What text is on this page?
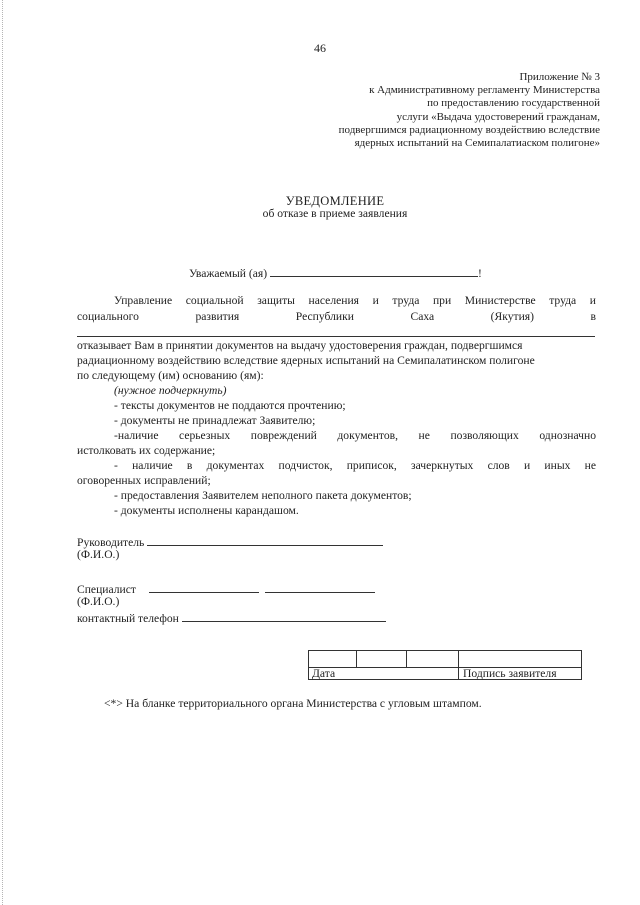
46
Приложение № 3
к Административному регламенту Министерства
по предоставлению государственной
услуги «Выдача удостоверений гражданам,
подвергшимся радиационному воздействию вследствие
ядерных испытаний на Семипалатиаском полигоне»
УВЕДОМЛЕНИЕ
об отказе в приеме заявления
Уважаемый (ая)	!
Управление социальной защиты населения и труда при Министерстве труда и
социального	развития	Республики	Саха	(Якутия)	в
отказывает Вам в принятии документов на выдачу удостоверения граждан, подвергшимся
радиационному воздействию вследствие ядерных испытаний на Семипалатинском полигоне
по следующему (им) основанию (ям):
(нужное подчеркнуть)
- тексты документов не поддаются прочтению;
- документы не принадлежат Заявителю;
-наличие серьезных повреждений документов, не позволяющих однозначно
истолковать их содержание;
- наличие в документах подчисток, приписок, зачеркнутых слов и иных не
оговоренных исправлений;
- предоставления Заявителем неполного пакета документов;
- документы исполнены карандашом.
Руководитель
(Ф.И.О.)
Специалист
(Ф.И.О.)
контактный телефон
Дата	Подпись заявителя
<*> На бланке территориального органа Министерства с угловым штампом.
